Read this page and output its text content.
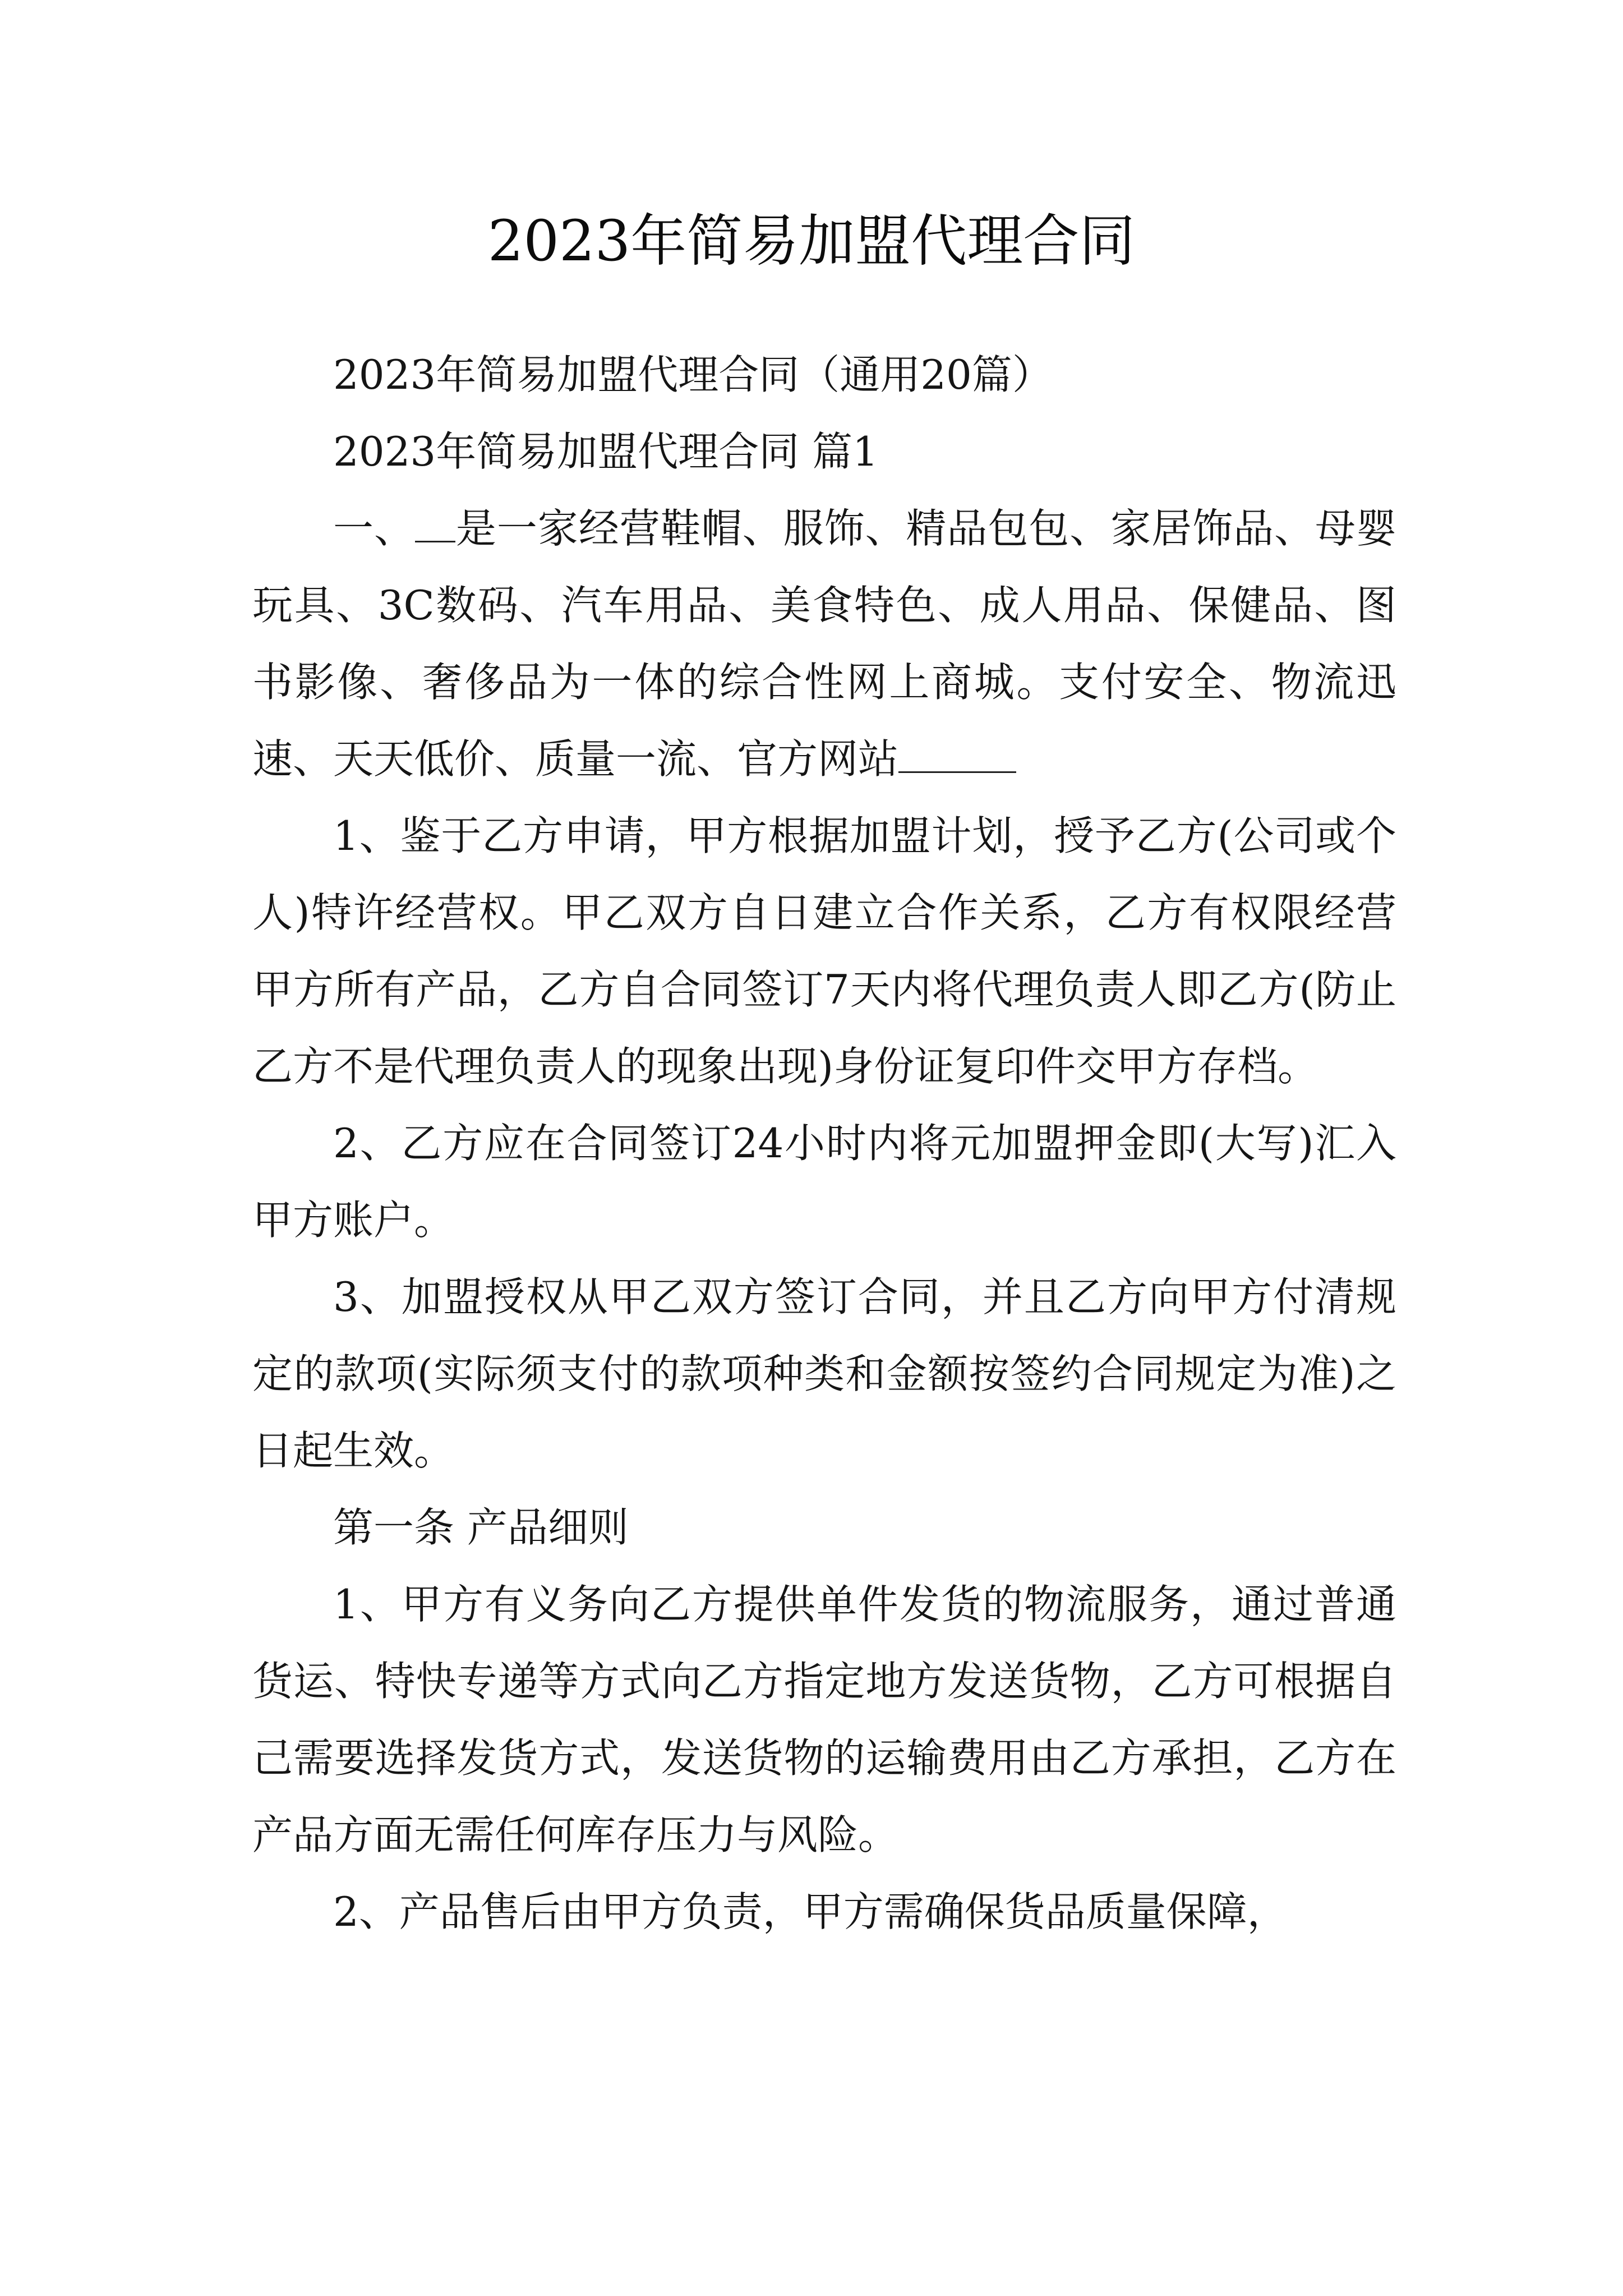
2023年简易加盟代理合同

2023年简易加盟代理合同（通用20篇）

2023年简易加盟代理合同 篇1

一、 是一家经营鞋帽、服饰、精品包包、家居饰品、母婴玩具、3C数码、汽车用品、美食特色、成人用品、保健品、图书影像、奢侈品为一体的综合性网上商城。支付安全、物流迅速、天天低价、质量一流、官方网站

1、鉴于乙方申请，甲方根据加盟计划，授予乙方(公司或个人)特许经营权。甲乙双方自日建立合作关系，乙方有权限经营甲方所有产品，乙方自合同签订7天内将代理负责人即乙方(防止乙方不是代理负责人的现象出现)身份证复印件交甲方存档。

2、乙方应在合同签订24小时内将元加盟押金即(大写)汇入甲方账户。

3、加盟授权从甲乙双方签订合同，并且乙方向甲方付清规定的款项(实际须支付的款项种类和金额按签约合同规定为准)之日起生效。

第一条 产品细则

1、甲方有义务向乙方提供单件发货的物流服务，通过普通货运、特快专递等方式向乙方指定地方发送货物，乙方可根据自己需要选择发货方式，发送货物的运输费用由乙方承担，乙方在产品方面无需任何库存压力与风险。

2、产品售后由甲方负责，甲方需确保货品质量保障，
